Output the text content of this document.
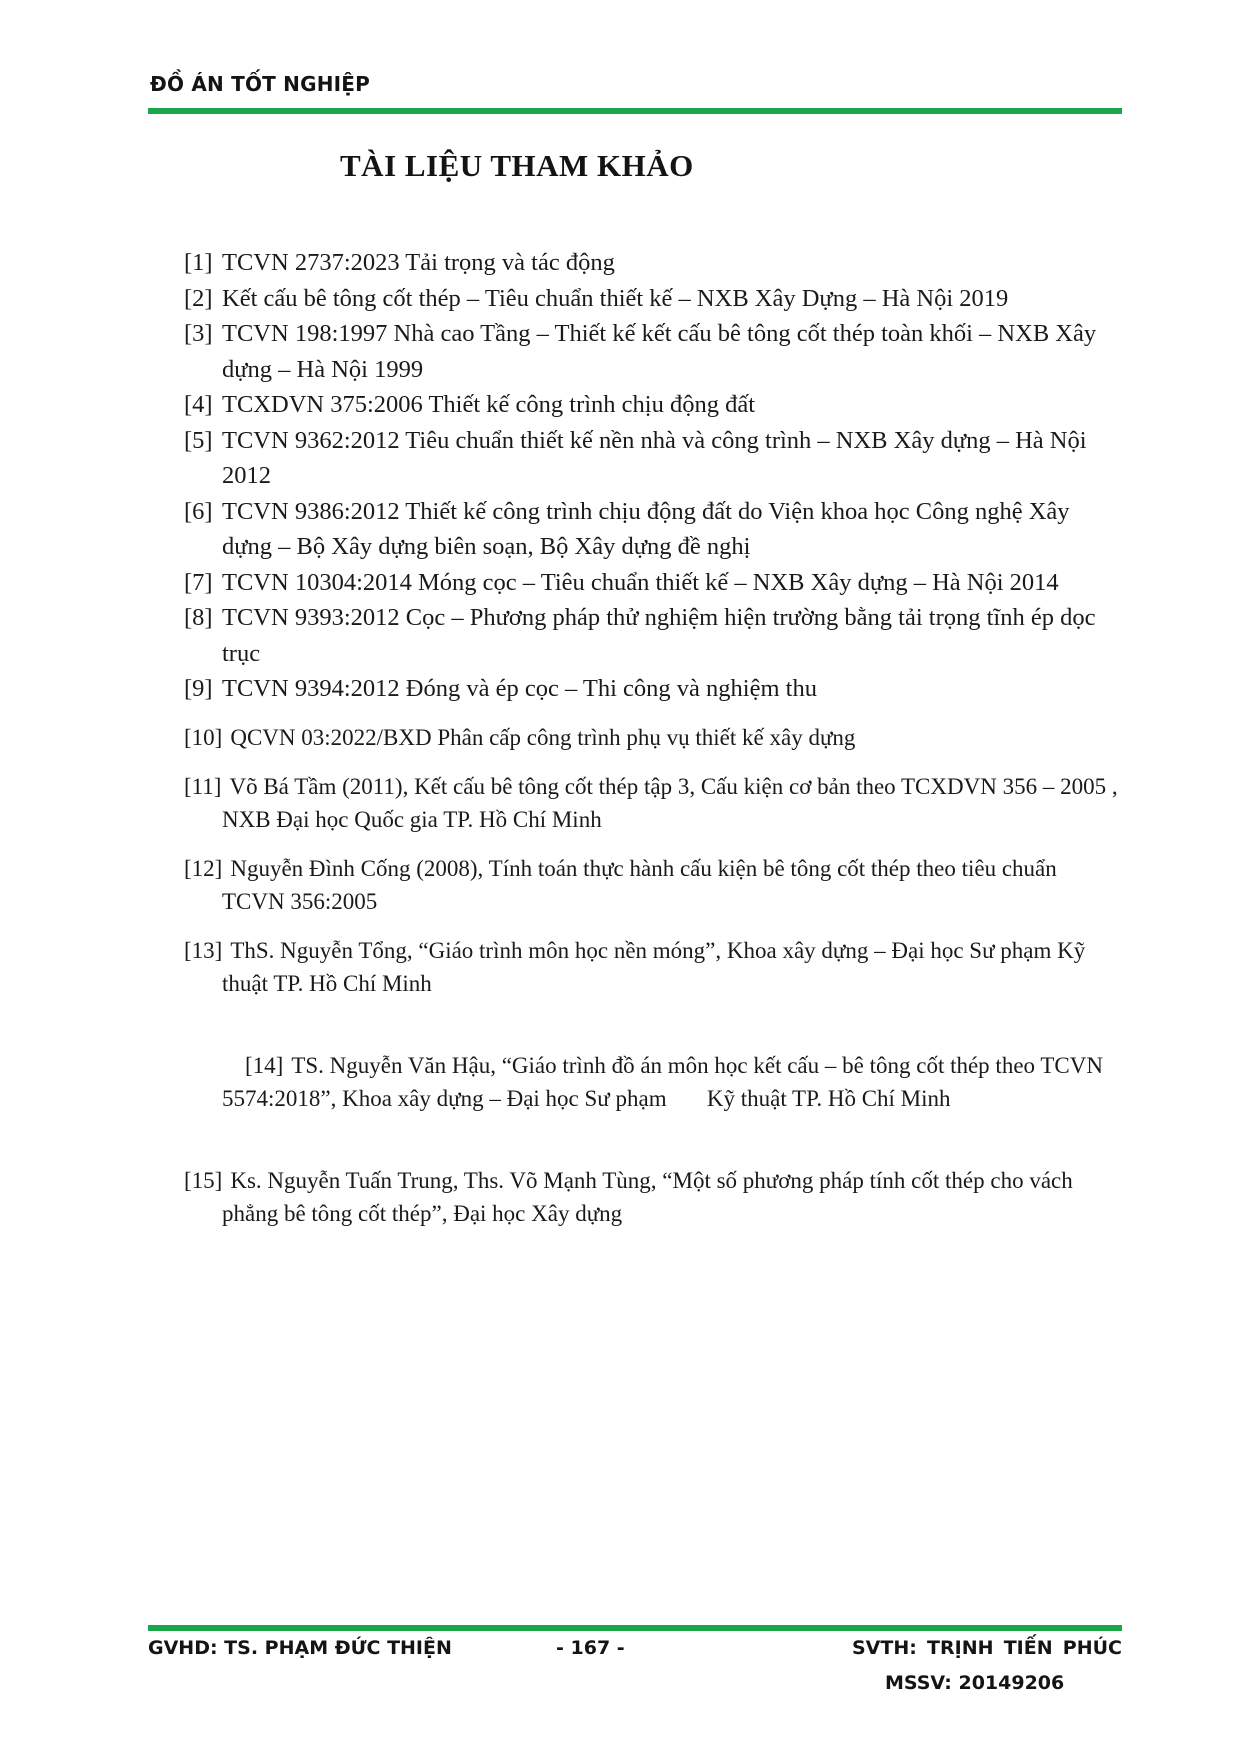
ĐỒ ÁN TỐT NGHIỆP
TÀI LIỆU THAM KHẢO
[1] TCVN 2737:2023 Tải trọng và tác động
[2] Kết cấu bê tông cốt thép – Tiêu chuẩn thiết kế – NXB Xây Dựng – Hà Nội 2019
[3] TCVN 198:1997 Nhà cao Tầng – Thiết kế kết cấu bê tông cốt thép toàn khối – NXB Xây dựng – Hà Nội 1999
[4] TCXDVN 375:2006 Thiết kế công trình chịu động đất
[5] TCVN 9362:2012 Tiêu chuẩn thiết kế nền nhà và công trình – NXB Xây dựng – Hà Nội 2012
[6] TCVN 9386:2012 Thiết kế công trình chịu động đất do Viện khoa học Công nghệ Xây dựng – Bộ Xây dựng biên soạn, Bộ Xây dựng đề nghị
[7] TCVN 10304:2014 Móng cọc – Tiêu chuẩn thiết kế – NXB Xây dựng – Hà Nội 2014
[8] TCVN 9393:2012 Cọc – Phương pháp thử nghiệm hiện trường bằng tải trọng tĩnh ép dọc trục
[9] TCVN 9394:2012 Đóng và ép cọc – Thi công và nghiệm thu
[10] QCVN 03:2022/BXD Phân cấp công trình phụ vụ thiết kế xây dựng
[11] Võ Bá Tầm (2011), Kết cấu bê tông cốt thép tập 3, Cấu kiện cơ bản theo TCXDVN 356 – 2005 , NXB Đại học Quốc gia TP. Hồ Chí Minh
[12] Nguyễn Đình Cống (2008), Tính toán thực hành cấu kiện bê tông cốt thép theo tiêu chuẩn TCVN 356:2005
[13] ThS. Nguyễn Tổng, “Giáo trình môn học nền móng”, Khoa xây dựng – Đại học Sư phạm Kỹ thuật TP. Hồ Chí Minh

[14] TS. Nguyễn Văn Hậu, “Giáo trình đồ án môn học kết cấu – bê tông cốt thép theo TCVN 5574:2018”, Khoa xây dựng – Đại học Sư phạm       Kỹ thuật TP. Hồ Chí Minh

[15] Ks. Nguyễn Tuấn Trung, Ths. Võ Mạnh Tùng, “Một số phương pháp tính cốt thép cho vách phẳng bê tông cốt thép”, Đại học Xây dựng
GVHD: TS. PHẠM ĐỨC THIỆN	- 167 -	SVTH: TRỊNH TIẾN PHÚC
MSSV: 20149206
